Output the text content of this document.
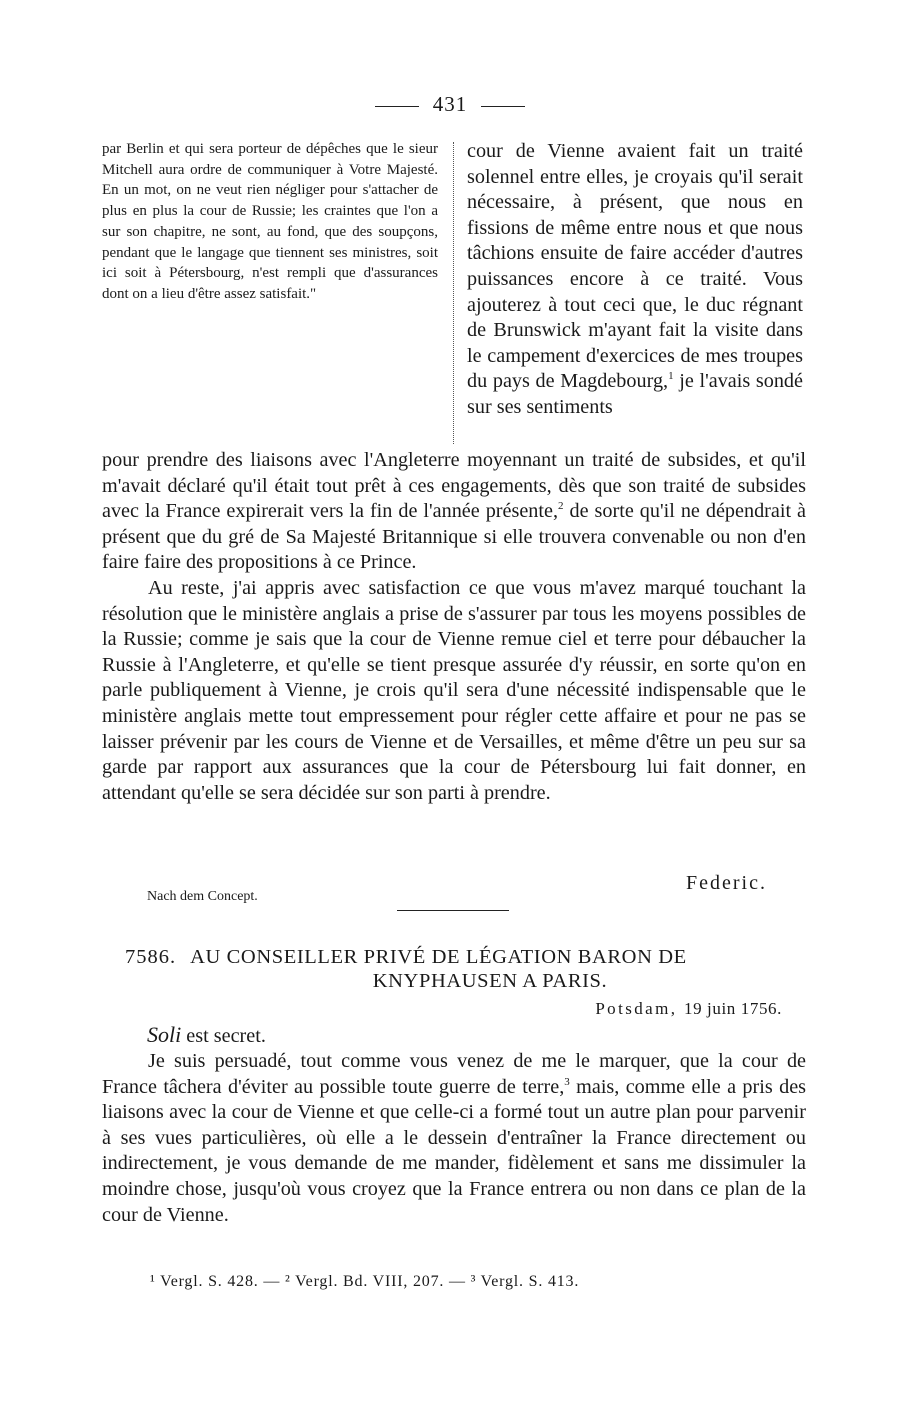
431

par Berlin et qui sera porteur de dépêches que le sieur Mitchell aura ordre de communiquer à Votre Majesté. En un mot, on ne veut rien négliger pour s'attacher de plus en plus la cour de Russie; les craintes que l'on a sur son chapitre, ne sont, au fond, que des soupçons, pendant que le langage que tiennent ses ministres, soit ici soit à Pétersbourg, n'est rempli que d'assurances dont on a lieu d'être assez satisfait."

cour de Vienne avaient fait un traité solennel entre elles, je croyais qu'il serait nécessaire, à présent, que nous en fissions de même entre nous et que nous tâchions ensuite de faire accéder d'autres puissances encore à ce traité. Vous ajouterez à tout ceci que, le duc régnant de Brunswick m'ayant fait la visite dans le campement d'exercices de mes troupes du pays de Magdebourg,$^1$ je l'avais sondé sur ses sentiments

pour prendre des liaisons avec l'Angleterre moyennant un traité de subsides, et qu'il m'avait déclaré qu'il était tout prêt à ces engagements, dès que son traité de subsides avec la France expirerait vers la fin de l'année présente,$^2$ de sorte qu'il ne dépendrait à présent que du gré de Sa Majesté Britannique si elle trouvera convenable ou non d'en faire faire des propositions à ce Prince.

Au reste, j'ai appris avec satisfaction ce que vous m'avez marqué touchant la résolution que le ministère anglais a prise de s'assurer par tous les moyens possibles de la Russie; comme je sais que la cour de Vienne remue ciel et terre pour débaucher la Russie à l'Angleterre, et qu'elle se tient presque assurée d'y réussir, en sorte qu'on en parle publiquement à Vienne, je crois qu'il sera d'une nécessité indispensable que le ministère anglais mette tout empressement pour régler cette affaire et pour ne pas se laisser prévenir par les cours de Vienne et de Versailles, et même d'être un peu sur sa garde par rapport aux assurances que la cour de Pétersbourg lui fait donner, en attendant qu'elle se sera décidée sur son parti à prendre.

Federic.
Nach dem Concept.
7586. AU CONSEILLER PRIVÉ DE LÉGATION BARON DE
KNYPHAUSEN A PARIS.
Potsdam, 19 juin 1756.
Soli est secret.

Je suis persuadé, tout comme vous venez de me le marquer, que la cour de France tâchera d'éviter au possible toute guerre de terre,$^3$ mais, comme elle a pris des liaisons avec la cour de Vienne et que celle-ci a formé tout un autre plan pour parvenir à ses vues particulières, où elle a le dessein d'entraîner la France directement ou indirectement, je vous demande de me mander, fidèlement et sans me dissimuler la moindre chose, jusqu'où vous croyez que la France entrera ou non dans ce plan de la cour de Vienne.

¹ Vergl. S. 428. — ² Vergl. Bd. VIII, 207. — ³ Vergl. S. 413.
